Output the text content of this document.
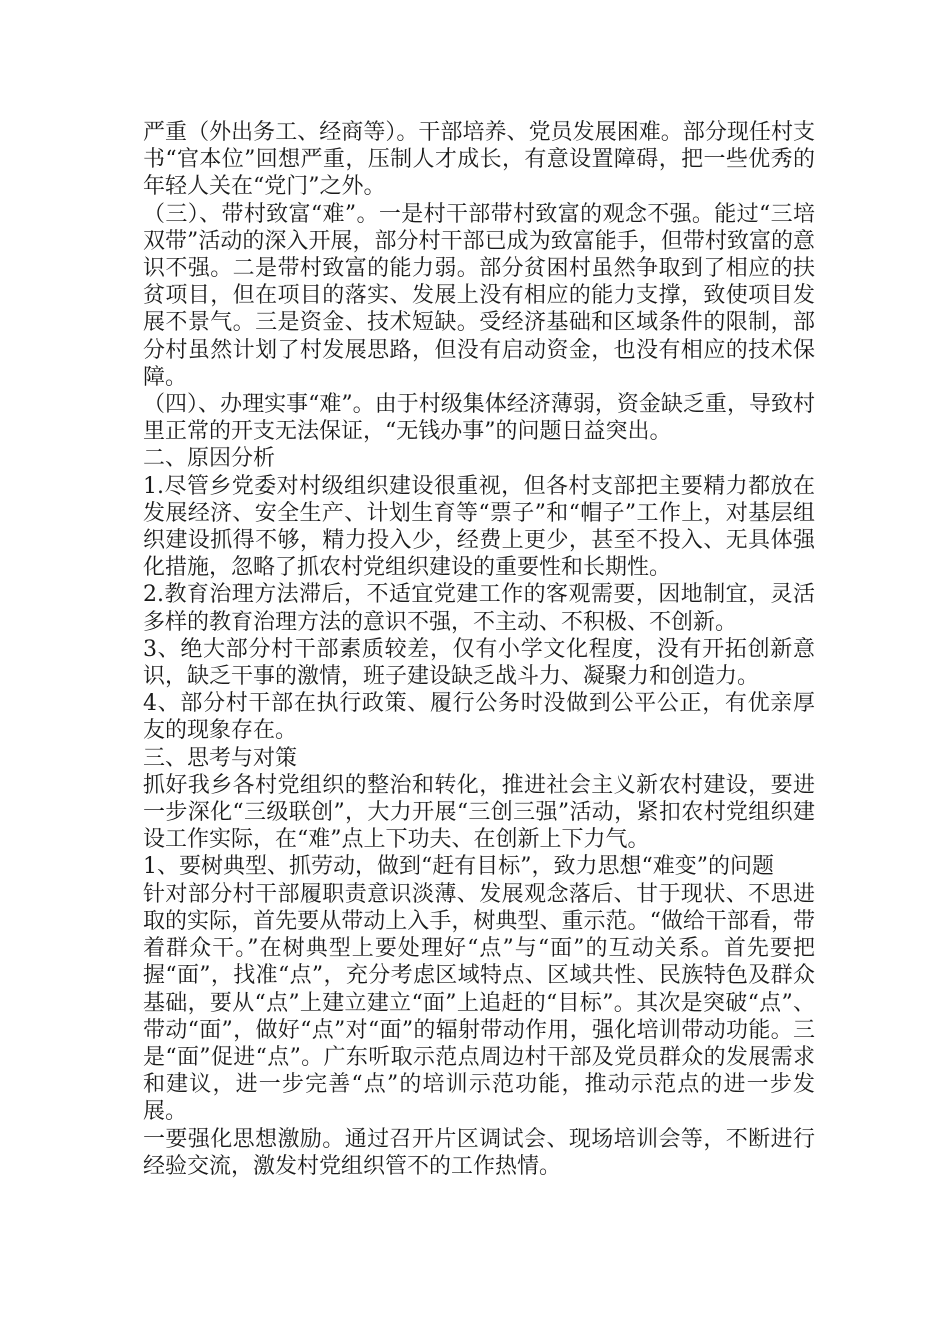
严重（外出务工、经商等）。干部培养、党员发展困难。部分现任村支书“官本位”回想严重，压制人才成长，有意设置障碍，把一些优秀的年轻人关在“党门”之外。

（三）、带村致富“难”。一是村干部带村致富的观念不强。能过“三培双带”活动的深入开展，部分村干部已成为致富能手，但带村致富的意识不强。二是带村致富的能力弱。部分贫困村虽然争取到了相应的扶贫项目，但在项目的落实、发展上没有相应的能力支撑，致使项目发展不景气。三是资金、技术短缺。受经济基础和区域条件的限制，部分村虽然计划了村发展思路，但没有启动资金，也没有相应的技术保障。

（四）、办理实事“难”。由于村级集体经济薄弱，资金缺乏重，导致村里正常的开支无法保证，“无钱办事”的问题日益突出。

二、原因分析

1.尽管乡党委对村级组织建设很重视，但各村支部把主要精力都放在发展经济、安全生产、计划生育等“票子”和“帽子”工作上，对基层组织建设抓得不够，精力投入少，经费上更少，甚至不投入、无具体强化措施，忽略了抓农村党组织建设的重要性和长期性。

2.教育治理方法滞后，不适宜党建工作的客观需要，因地制宜，灵活多样的教育治理方法的意识不强，不主动、不积极、不创新。

3、绝大部分村干部素质较差，仅有小学文化程度，没有开拓创新意识，缺乏干事的激情，班子建设缺乏战斗力、凝聚力和创造力。

4、部分村干部在执行政策、履行公务时没做到公平公正，有优亲厚友的现象存在。

三、思考与对策

抓好我乡各村党组织的整治和转化，推进社会主义新农村建设，要进一步深化“三级联创”，大力开展“三创三强”活动，紧扣农村党组织建设工作实际，在“难”点上下功夫、在创新上下力气。

1、要树典型、抓劳动，做到“赶有目标”，致力思想“难变”的问题

针对部分村干部履职责意识淡薄、发展观念落后、甘于现状、不思进取的实际，首先要从带动上入手，树典型、重示范。“做给干部看，带着群众干。”在树典型上要处理好“点”与“面”的互动关系。首先要把握“面”，找准“点”，充分考虑区域特点、区域共性、民族特色及群众基础，要从“点”上建立建立“面”上追赶的“目标”。其次是突破“点”、带动“面”，做好“点”对“面”的辐射带动作用，强化培训带动功能。三是“面”促进“点”。广东听取示范点周边村干部及党员群众的发展需求和建议，进一步完善“点”的培训示范功能，推动示范点的进一步发展。

一要强化思想激励。通过召开片区调试会、现场培训会等，不断进行经验交流，激发村党组织管不的工作热情。
